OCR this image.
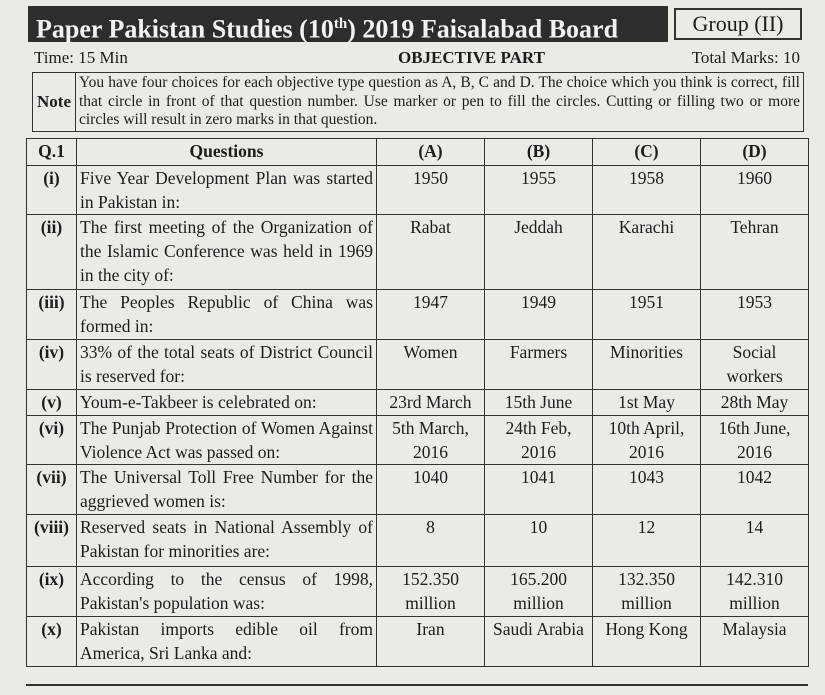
Paper Pakistan Studies (10th) 2019 Faisalabad Board	Group (II)
Time: 15 Min	OBJECTIVE PART	Total Marks: 10
Note
You have four choices for each objective type question as A, B, C and D. The choice which you think is correct, fill that circle in front of that question number. Use marker or pen to fill the circles. Cutting or filling two or more circles will result in zero marks in that question.
Q.1	Questions	(A)	(B)	(C)	(D)
(i)	Five Year Development Plan was started in Pakistan in:	1950	1955	1958	1960
(ii)	The first meeting of the Organization of the Islamic Conference was held in 1969 in the city of:	Rabat	Jeddah	Karachi	Tehran
(iii)	The Peoples Republic of China was formed in:	1947	1949	1951	1953
(iv)	33% of the total seats of District Council is reserved for:	Women	Farmers	Minorities	Social workers
(v)	Youm-e-Takbeer is celebrated on:	23rd March	15th June	1st May	28th May
(vi)	The Punjab Protection of Women Against Violence Act was passed on:	5th March, 2016	24th Feb, 2016	10th April, 2016	16th June, 2016
(vii)	The Universal Toll Free Number for the aggrieved women is:	1040	1041	1043	1042
(viii)	Reserved seats in National Assembly of Pakistan for minorities are:	8	10	12	14
(ix)	According to the census of 1998, Pakistan's population was:	152.350 million	165.200 million	132.350 million	142.310 million
(x)	Pakistan imports edible oil from America, Sri Lanka and:	Iran	Saudi Arabia	Hong Kong	Malaysia
